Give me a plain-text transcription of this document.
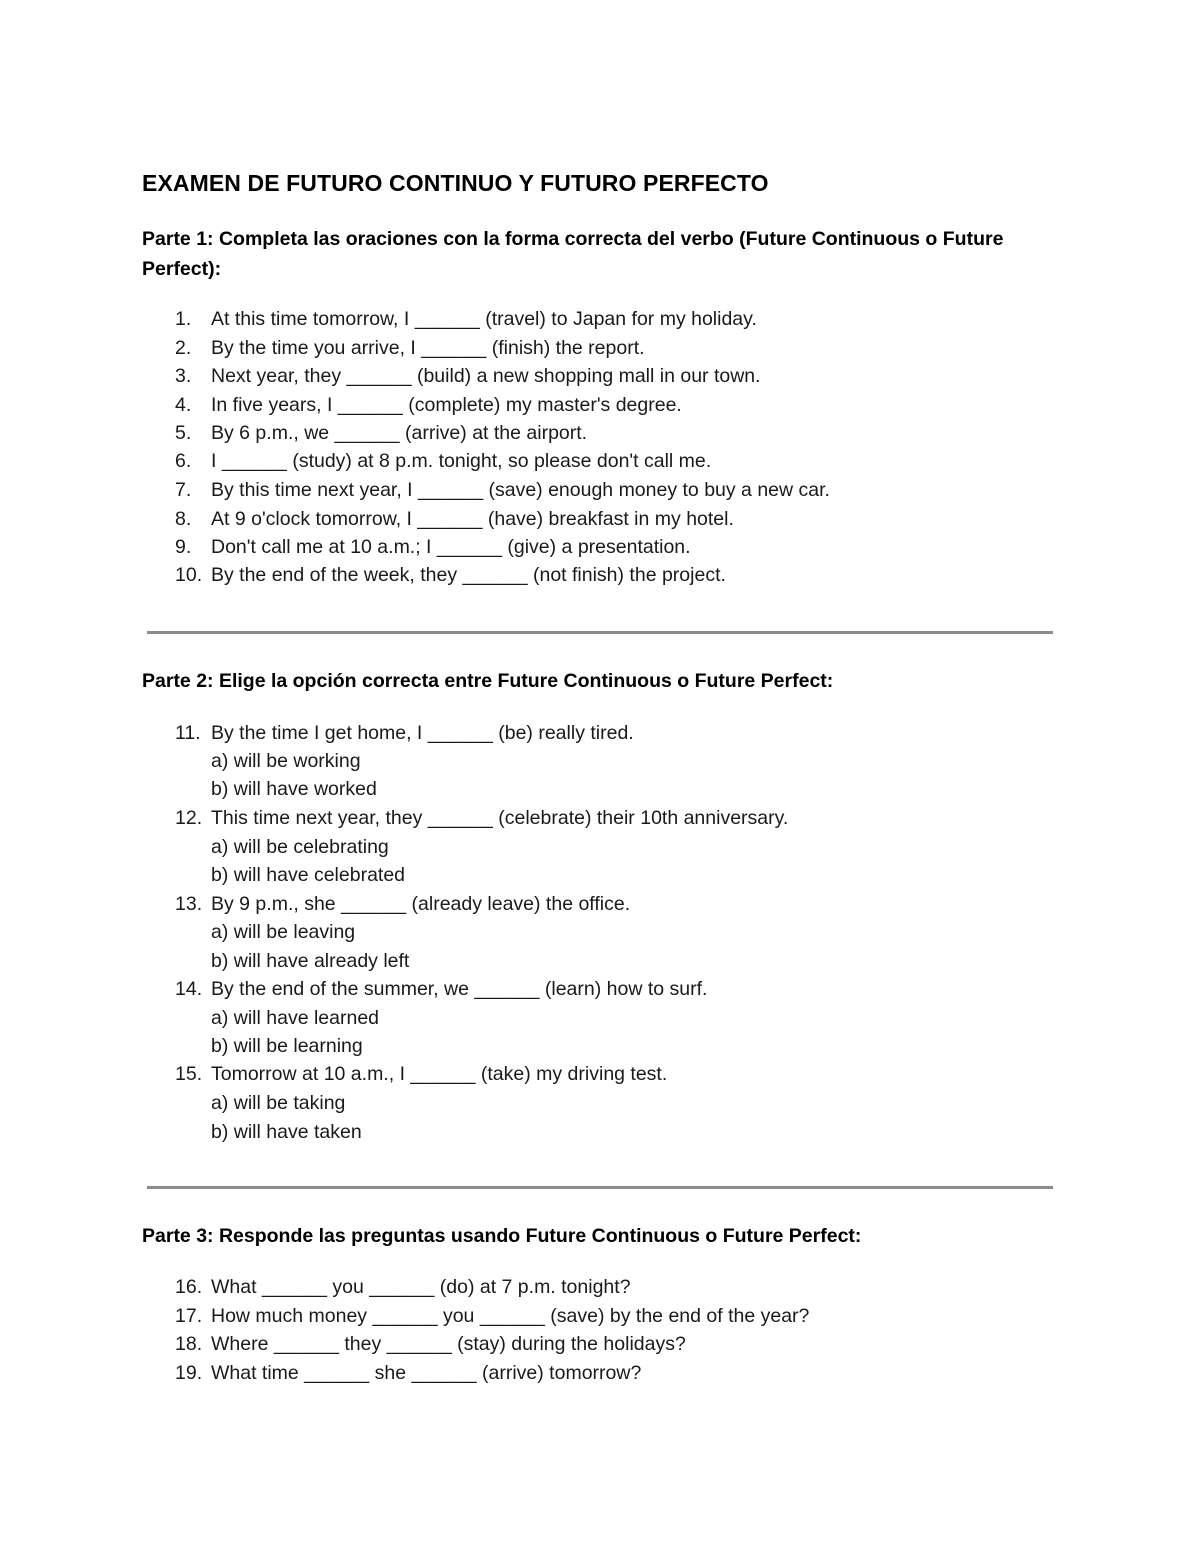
EXAMEN DE FUTURO CONTINUO Y FUTURO PERFECTO
Parte 1: Completa las oraciones con la forma correcta del verbo (Future Continuous o Future Perfect):
1.	At this time tomorrow, I ______ (travel) to Japan for my holiday.
2.	By the time you arrive, I ______ (finish) the report.
3.	Next year, they ______ (build) a new shopping mall in our town.
4.	In five years, I ______ (complete) my master's degree.
5.	By 6 p.m., we ______ (arrive) at the airport.
6.	I ______ (study) at 8 p.m. tonight, so please don't call me.
7.	By this time next year, I ______ (save) enough money to buy a new car.
8.	At 9 o'clock tomorrow, I ______ (have) breakfast in my hotel.
9.	Don't call me at 10 a.m.; I ______ (give) a presentation.
10. By the end of the week, they ______ (not finish) the project.
Parte 2: Elige la opción correcta entre Future Continuous o Future Perfect:
11. By the time I get home, I ______ (be) really tired.
a) will be working
b) will have worked
12. This time next year, they ______ (celebrate) their 10th anniversary.
a) will be celebrating
b) will have celebrated
13. By 9 p.m., she ______ (already leave) the office.
a) will be leaving
b) will have already left
14. By the end of the summer, we ______ (learn) how to surf.
a) will have learned
b) will be learning
15. Tomorrow at 10 a.m., I ______ (take) my driving test.
a) will be taking
b) will have taken
Parte 3: Responde las preguntas usando Future Continuous o Future Perfect:
16. What ______ you ______ (do) at 7 p.m. tonight?
17. How much money ______ you ______ (save) by the end of the year?
18. Where ______ they ______ (stay) during the holidays?
19. What time ______ she ______ (arrive) tomorrow?
